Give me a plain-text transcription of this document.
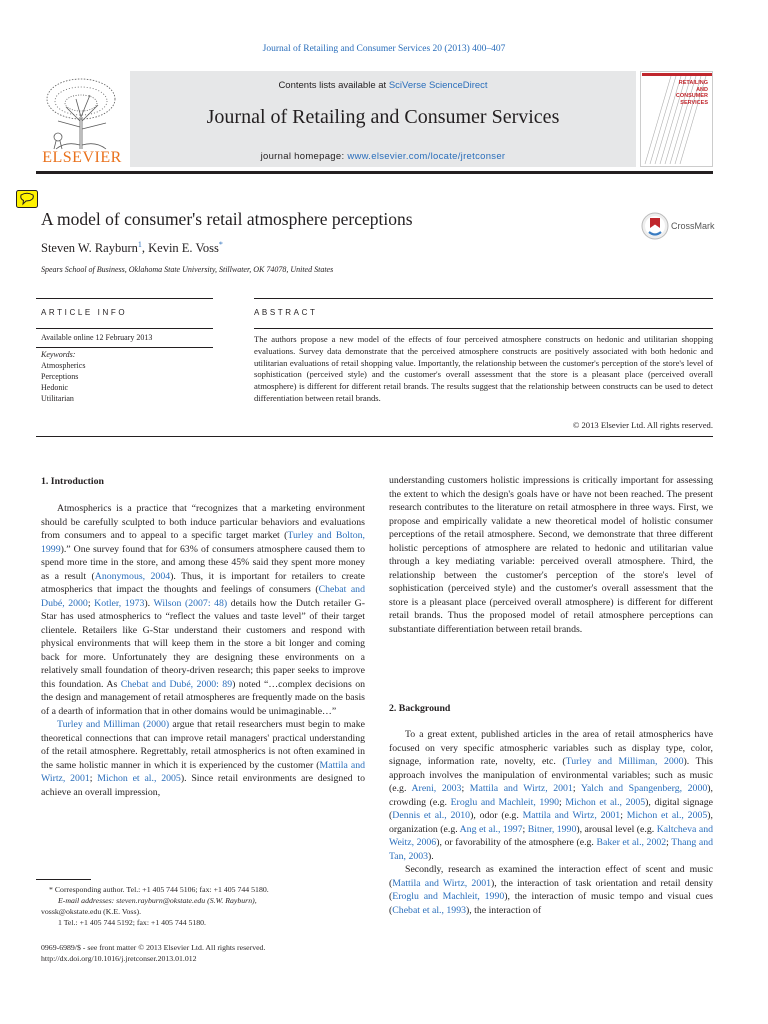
Journal of Retailing and Consumer Services 20 (2013) 400–407
ELSEVIER
Contents lists available at SciVerse ScienceDirect
Journal of Retailing and Consumer Services
journal homepage: www.elsevier.com/locate/jretconser
RETAILING AND CONSUMER SERVICES
A model of consumer's retail atmosphere perceptions	CrossMark
Steven W. Rayburn$^1$, Kevin E. Voss*
Spears School of Business, Oklahoma State University, Stillwater, OK 74078, United States
ARTICLE INFO
Available online 12 February 2013
Keywords:
Atmospherics
Perceptions
Hedonic
Utilitarian
ABSTRACT
The authors propose a new model of the effects of four perceived atmosphere constructs on hedonic and utilitarian shopping evaluations. Survey data demonstrate that the perceived atmosphere constructs are positively associated with both hedonic and utilitarian evaluations of retail shopping value. Importantly, the relationship between the customer's perception of the store's level of sophistication (perceived style) and the customer's overall assessment that the store is a pleasant place (perceived overall atmosphere) is different for different retail brands. The results suggest that the relationship between constructs can be used to detect differentiation between retail brands.
© 2013 Elsevier Ltd. All rights reserved.
1. Introduction

Atmospherics is a practice that “recognizes that a marketing environment should be carefully sculpted to both induce particular behaviors and evaluations from consumers and to appeal to a specific target market (Turley and Bolton, 1999).” One survey found that for 63% of consumers atmosphere caused them to spend more time in the store, and among these 45% said they spent more money as a result (Anonymous, 2004). Thus, it is important for retailers to create atmospherics that impact the thoughts and feelings of consumers (Chebat and Dubé, 2000; Kotler, 1973). Wilson (2007: 48) details how the Dutch retailer G-Star has used atmospherics to “reflect the values and taste level” of their target clientele. Retailers like G-Star understand their customers and respond with physical environments that will keep them in the store a bit longer and coming back for more. Unfortunately they are designing these environments on a relatively small foundation of theory-driven research; this paper seeks to improve this foundation. As Chebat and Dubé, 2000: 89) noted “…complex decisions on the design and management of retail atmospheres are frequently made on the basis of a dearth of information that in other domains would be unimaginable…”

Turley and Milliman (2000) argue that retail researchers must begin to make theoretical connections that can improve retail managers' practical understanding of the retail atmosphere. Regrettably, retail atmospherics is not often examined in the same holistic manner in which it is experienced by the customer (Mattila and Wirtz, 2001; Michon et al., 2005). Since retail environments are designed to achieve an overall impression,

* Corresponding author. Tel.: +1 405 744 5106; fax: +1 405 744 5180.
E-mail addresses: steven.rayburn@okstate.edu (S.W. Rayburn),
vossk@okstate.edu (K.E. Voss).
1 Tel.: +1 405 744 5192; fax: +1 405 744 5180.
0969-6989/$ - see front matter © 2013 Elsevier Ltd. All rights reserved.
http://dx.doi.org/10.1016/j.jretconser.2013.01.012

understanding customers holistic impressions is critically important for assessing the extent to which the design's goals have or have not been reached. The present research contributes to the literature on retail atmosphere in three ways. First, we propose and empirically validate a new theoretical model of holistic consumer perceptions of the retail atmosphere. Second, we demonstrate that three different holistic perceptions of atmosphere are related to hedonic and utilitarian value through a key mediating variable: perceived overall atmosphere. Third, the relationship between the customer's perception of the store's level of sophistication (perceived style) and the customer's overall assessment that the store is a pleasant place (perceived overall atmosphere) is different for different retail brands. Thus the proposed model of retail atmosphere perceptions can substantiate differentiation between retail brands.

2. Background

To a great extent, published articles in the area of retail atmospherics have focused on very specific atmospheric variables such as display type, color, signage, information rate, novelty, etc. (Turley and Milliman, 2000). This approach involves the manipulation of environmental variables; such as music (e.g. Areni, 2003; Mattila and Wirtz, 2001; Yalch and Spangenberg, 2000), crowding (e.g. Eroglu and Machleit, 1990; Michon et al., 2005), digital signage (Dennis et al., 2010), odor (e.g. Mattila and Wirtz, 2001; Michon et al., 2005), organization (e.g. Ang et al., 1997; Bitner, 1990), arousal level (e.g. Kaltcheva and Weitz, 2006), or favorability of the atmosphere (e.g. Baker et al., 2002; Thang and Tan, 2003).

Secondly, research as examined the interaction effect of scent and music (Mattila and Wirtz, 2001), the interaction of task orientation and retail density (Eroglu and Machleit, 1990), the interaction of music tempo and visual cues (Chebat et al., 1993), the interaction of
